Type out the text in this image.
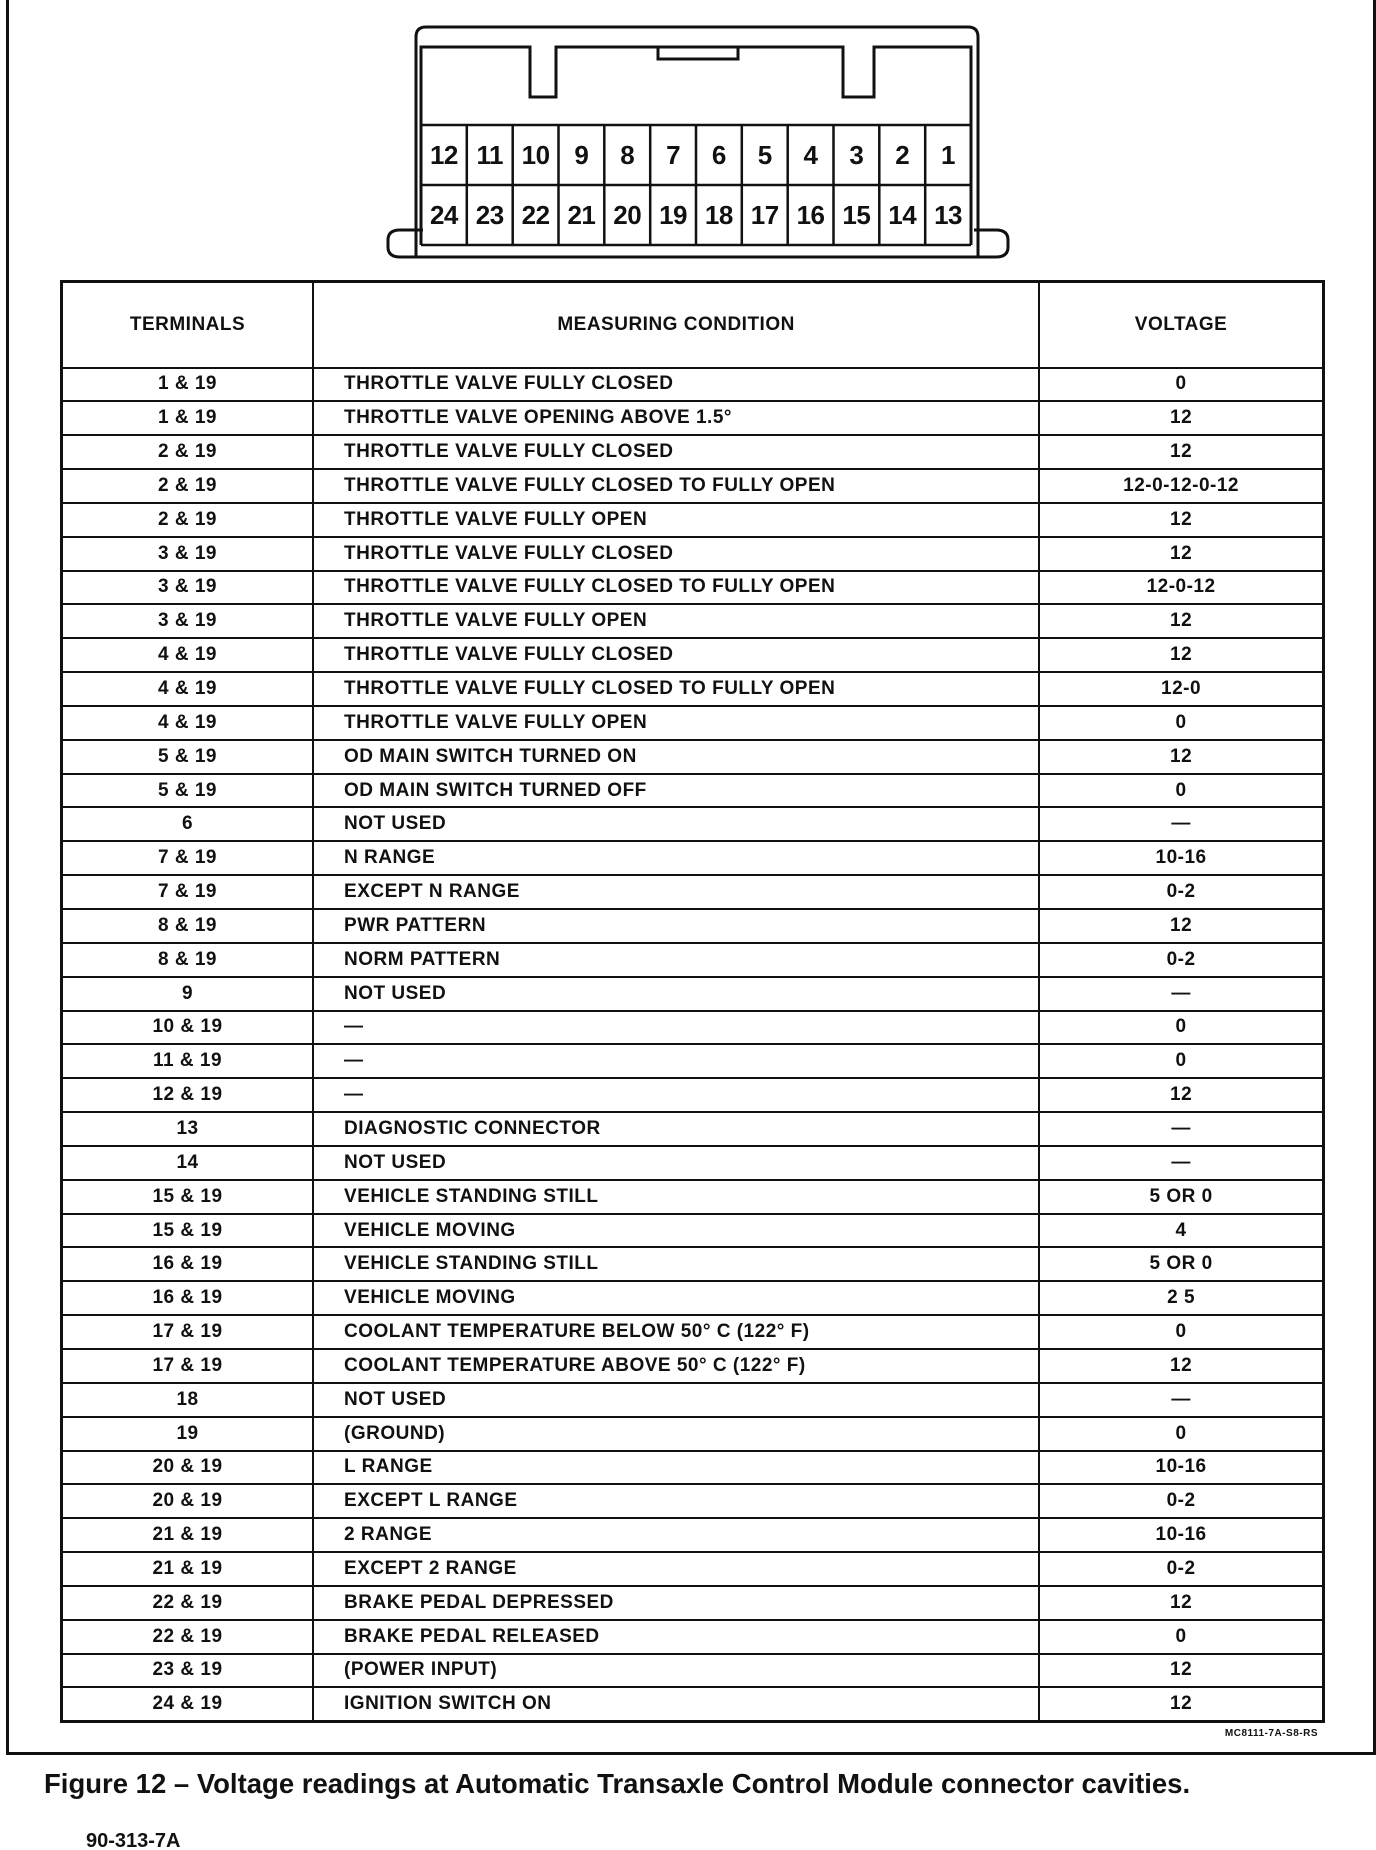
12 11 10 9	8	7	6	5	4	3	2	1
24 23 22 21 20 19 18 17 16 15 14 13
TERMINALS	MEASURING CONDITION	VOLTAGE
1 & 19	THROTTLE VALVE FULLY CLOSED	0
1 & 19	THROTTLE VALVE OPENING ABOVE 1.5°	12
2 & 19	THROTTLE VALVE FULLY CLOSED	12
2 & 19	THROTTLE VALVE FULLY CLOSED TO FULLY OPEN	12-0-12-0-12
2 & 19	THROTTLE VALVE FULLY OPEN	12
3 & 19	THROTTLE VALVE FULLY CLOSED	12
3 & 19	THROTTLE VALVE FULLY CLOSED TO FULLY OPEN	12-0-12
3 & 19	THROTTLE VALVE FULLY OPEN	12
4 & 19	THROTTLE VALVE FULLY CLOSED	12
4 & 19	THROTTLE VALVE FULLY CLOSED TO FULLY OPEN	12-0
4 & 19	THROTTLE VALVE FULLY OPEN	0
5 & 19	OD MAIN SWITCH TURNED ON	12
5 & 19	OD MAIN SWITCH TURNED OFF	0
6	NOT USED	—
7 & 19	N RANGE	10-16
7 & 19	EXCEPT N RANGE	0-2
8 & 19	PWR PATTERN	12
8 & 19	NORM PATTERN	0-2
9	NOT USED	—
10 & 19	—	0
11 & 19	—	0
12 & 19	—	12
13	DIAGNOSTIC CONNECTOR	—
14	NOT USED	—
15 & 19	VEHICLE STANDING STILL	5 OR 0
15 & 19	VEHICLE MOVING	4
16 & 19	VEHICLE STANDING STILL	5 OR 0
16 & 19	VEHICLE MOVING	2 5
17 & 19	COOLANT TEMPERATURE BELOW 50° C (122° F)	0
17 & 19	COOLANT TEMPERATURE ABOVE 50° C (122° F)	12
18	NOT USED	—
19	(GROUND)	0
20 & 19	L RANGE	10-16
20 & 19	EXCEPT L RANGE	0-2
21 & 19	2 RANGE	10-16
21 & 19	EXCEPT 2 RANGE	0-2
22 & 19	BRAKE PEDAL DEPRESSED	12
22 & 19	BRAKE PEDAL RELEASED	0
23 & 19	(POWER INPUT)	12
24 & 19	IGNITION SWITCH ON	12
MC8111-7A-S8-RS
Figure 12 – Voltage readings at Automatic Transaxle Control Module connector cavities.
90-313-7A
